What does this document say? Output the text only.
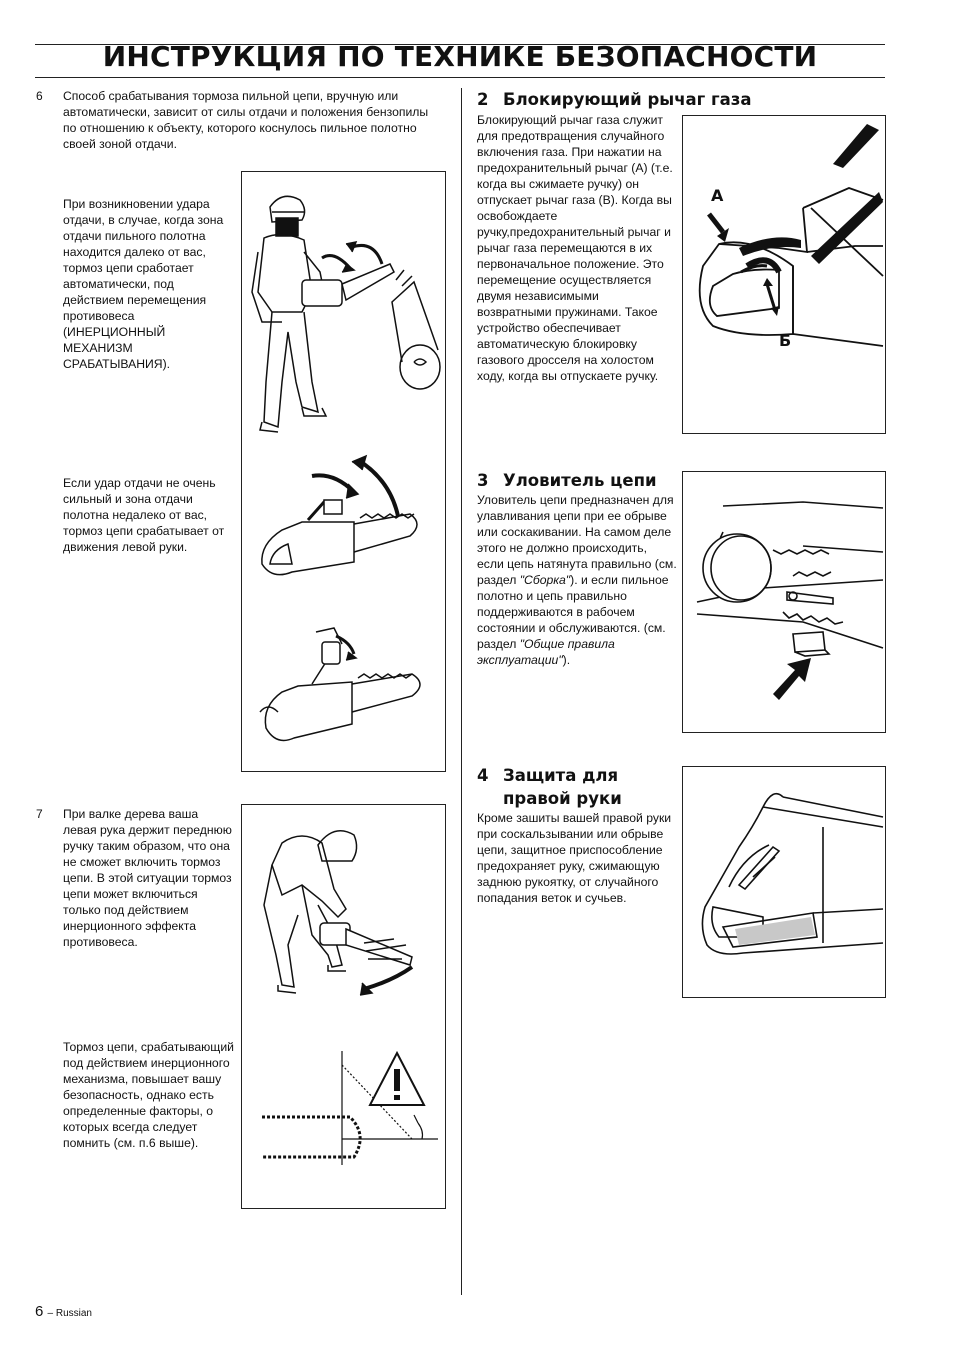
ИНСТРУКЦИЯ ПО ТЕХНИКЕ БЕЗОПАСНОСТИ
6 Способ срабатывания тормоза пильной цепи, вручную или автоматически, зависит от силы отдачи и положения бензопилы по отношению к объекту, которого коснулось пильное полотно своей зоной отдачи.
При возникновении удара отдачи, в случае, когда зона отдачи пильного полотна находится далеко от вас, тормоз цепи сработает автоматически, под действием перемещения противовеса (ИНЕРЦИОННЫЙ МЕХАНИЗМ СРАБАТЫВАНИЯ).
Если удар отдачи не очень сильный и зона отдачи полотна недалеко от вас, тормоз цепи срабатывает от движения левой руки.
7 При валке дерева ваша левая рука держит переднюю ручку таким образом, что она не сможет включить тормоз цепи. В этой ситуации тормоз цепи может включиться только под действием инерционного эффекта противовеса.
Тормоз цепи, срабатывающий под действием инерционного механизма, повышает вашу безопасность, однако есть определенные факторы, о которых всегда следует помнить (см. п.6 выше).
2 Блокирующий рычаг газа
Блокирующий рычаг газа служит для предотвращения случайного включения газа. При нажатии на предохранительный рычаг (A) (т.е. когда вы сжимаете ручку) он отпускает рычаг газа (B). Когда вы освобождаете ручку,предохранительный рычаг и рычаг газа перемещаются в их первоначальное положение. Это перемещение осуществляется двумя независимыми возвратными пружинами. Такое устройство обеспечивает автоматическую блокировку газового дросселя на холостом ходу, когда вы отпускаете ручку.
A
Б
3 Уловитель цепи
Уловитель цепи предназначен для улавливания цепи при ее обрыве или соскакивании. На самом деле этого не должно происходить, если цепь натянута правильно (см. раздел "Сборка"). и если пильное полотно и цепь правильно поддерживаются в рабочем состоянии и обслуживаются. (см. раздел "Общие правила эксплуатации").
4 Защита для
правой руки
Кроме зашиты вашей правой руки при соскальзывании или обрыве цепи, защитное приспособление предохраняет руку, сжимающую заднюю рукоятку, от случайного попадания веток и сучьев.
6 – Russian
